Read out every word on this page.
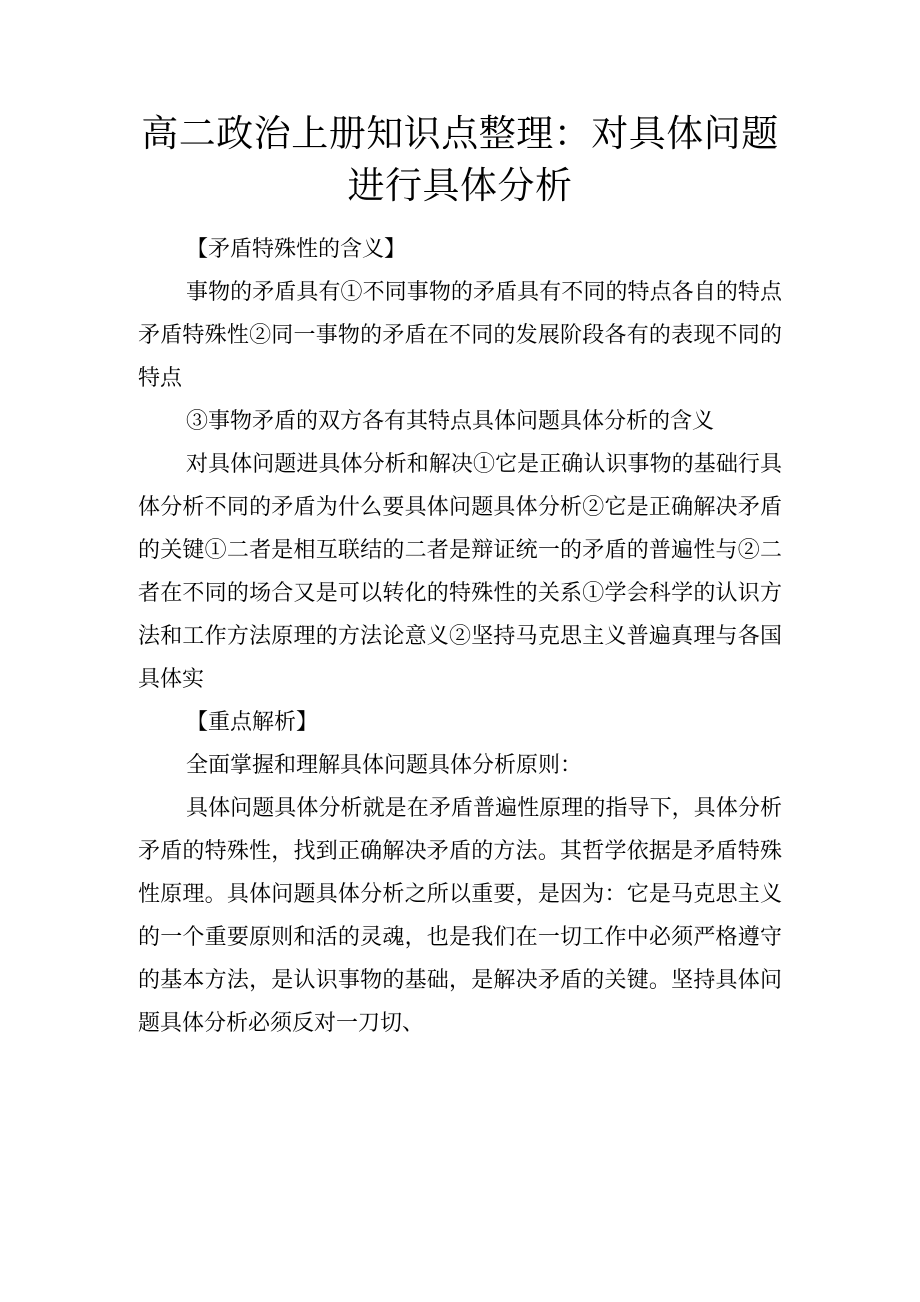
高二政治上册知识点整理：对具体问题进行具体分析

【矛盾特殊性的含义】

事物的矛盾具有①不同事物的矛盾具有不同的特点各自的特点矛盾特殊性②同一事物的矛盾在不同的发展阶段各有的表现不同的特点

③事物矛盾的双方各有其特点具体问题具体分析的含义

对具体问题进具体分析和解决①它是正确认识事物的基础行具体分析不同的矛盾为什么要具体问题具体分析②它是正确解决矛盾的关键①二者是相互联结的二者是辩证统一的矛盾的普遍性与②二者在不同的场合又是可以转化的特殊性的关系①学会科学的认识方法和工作方法原理的方法论意义②坚持马克思主义普遍真理与各国具体实

【重点解析】

全面掌握和理解具体问题具体分析原则：

具体问题具体分析就是在矛盾普遍性原理的指导下，具体分析矛盾的特殊性，找到正确解决矛盾的方法。其哲学依据是矛盾特殊性原理。具体问题具体分析之所以重要，是因为：它是马克思主义的一个重要原则和活的灵魂，也是我们在一切工作中必须严格遵守的基本方法，是认识事物的基础，是解决矛盾的关键。坚持具体问题具体分析必须反对一刀切、
